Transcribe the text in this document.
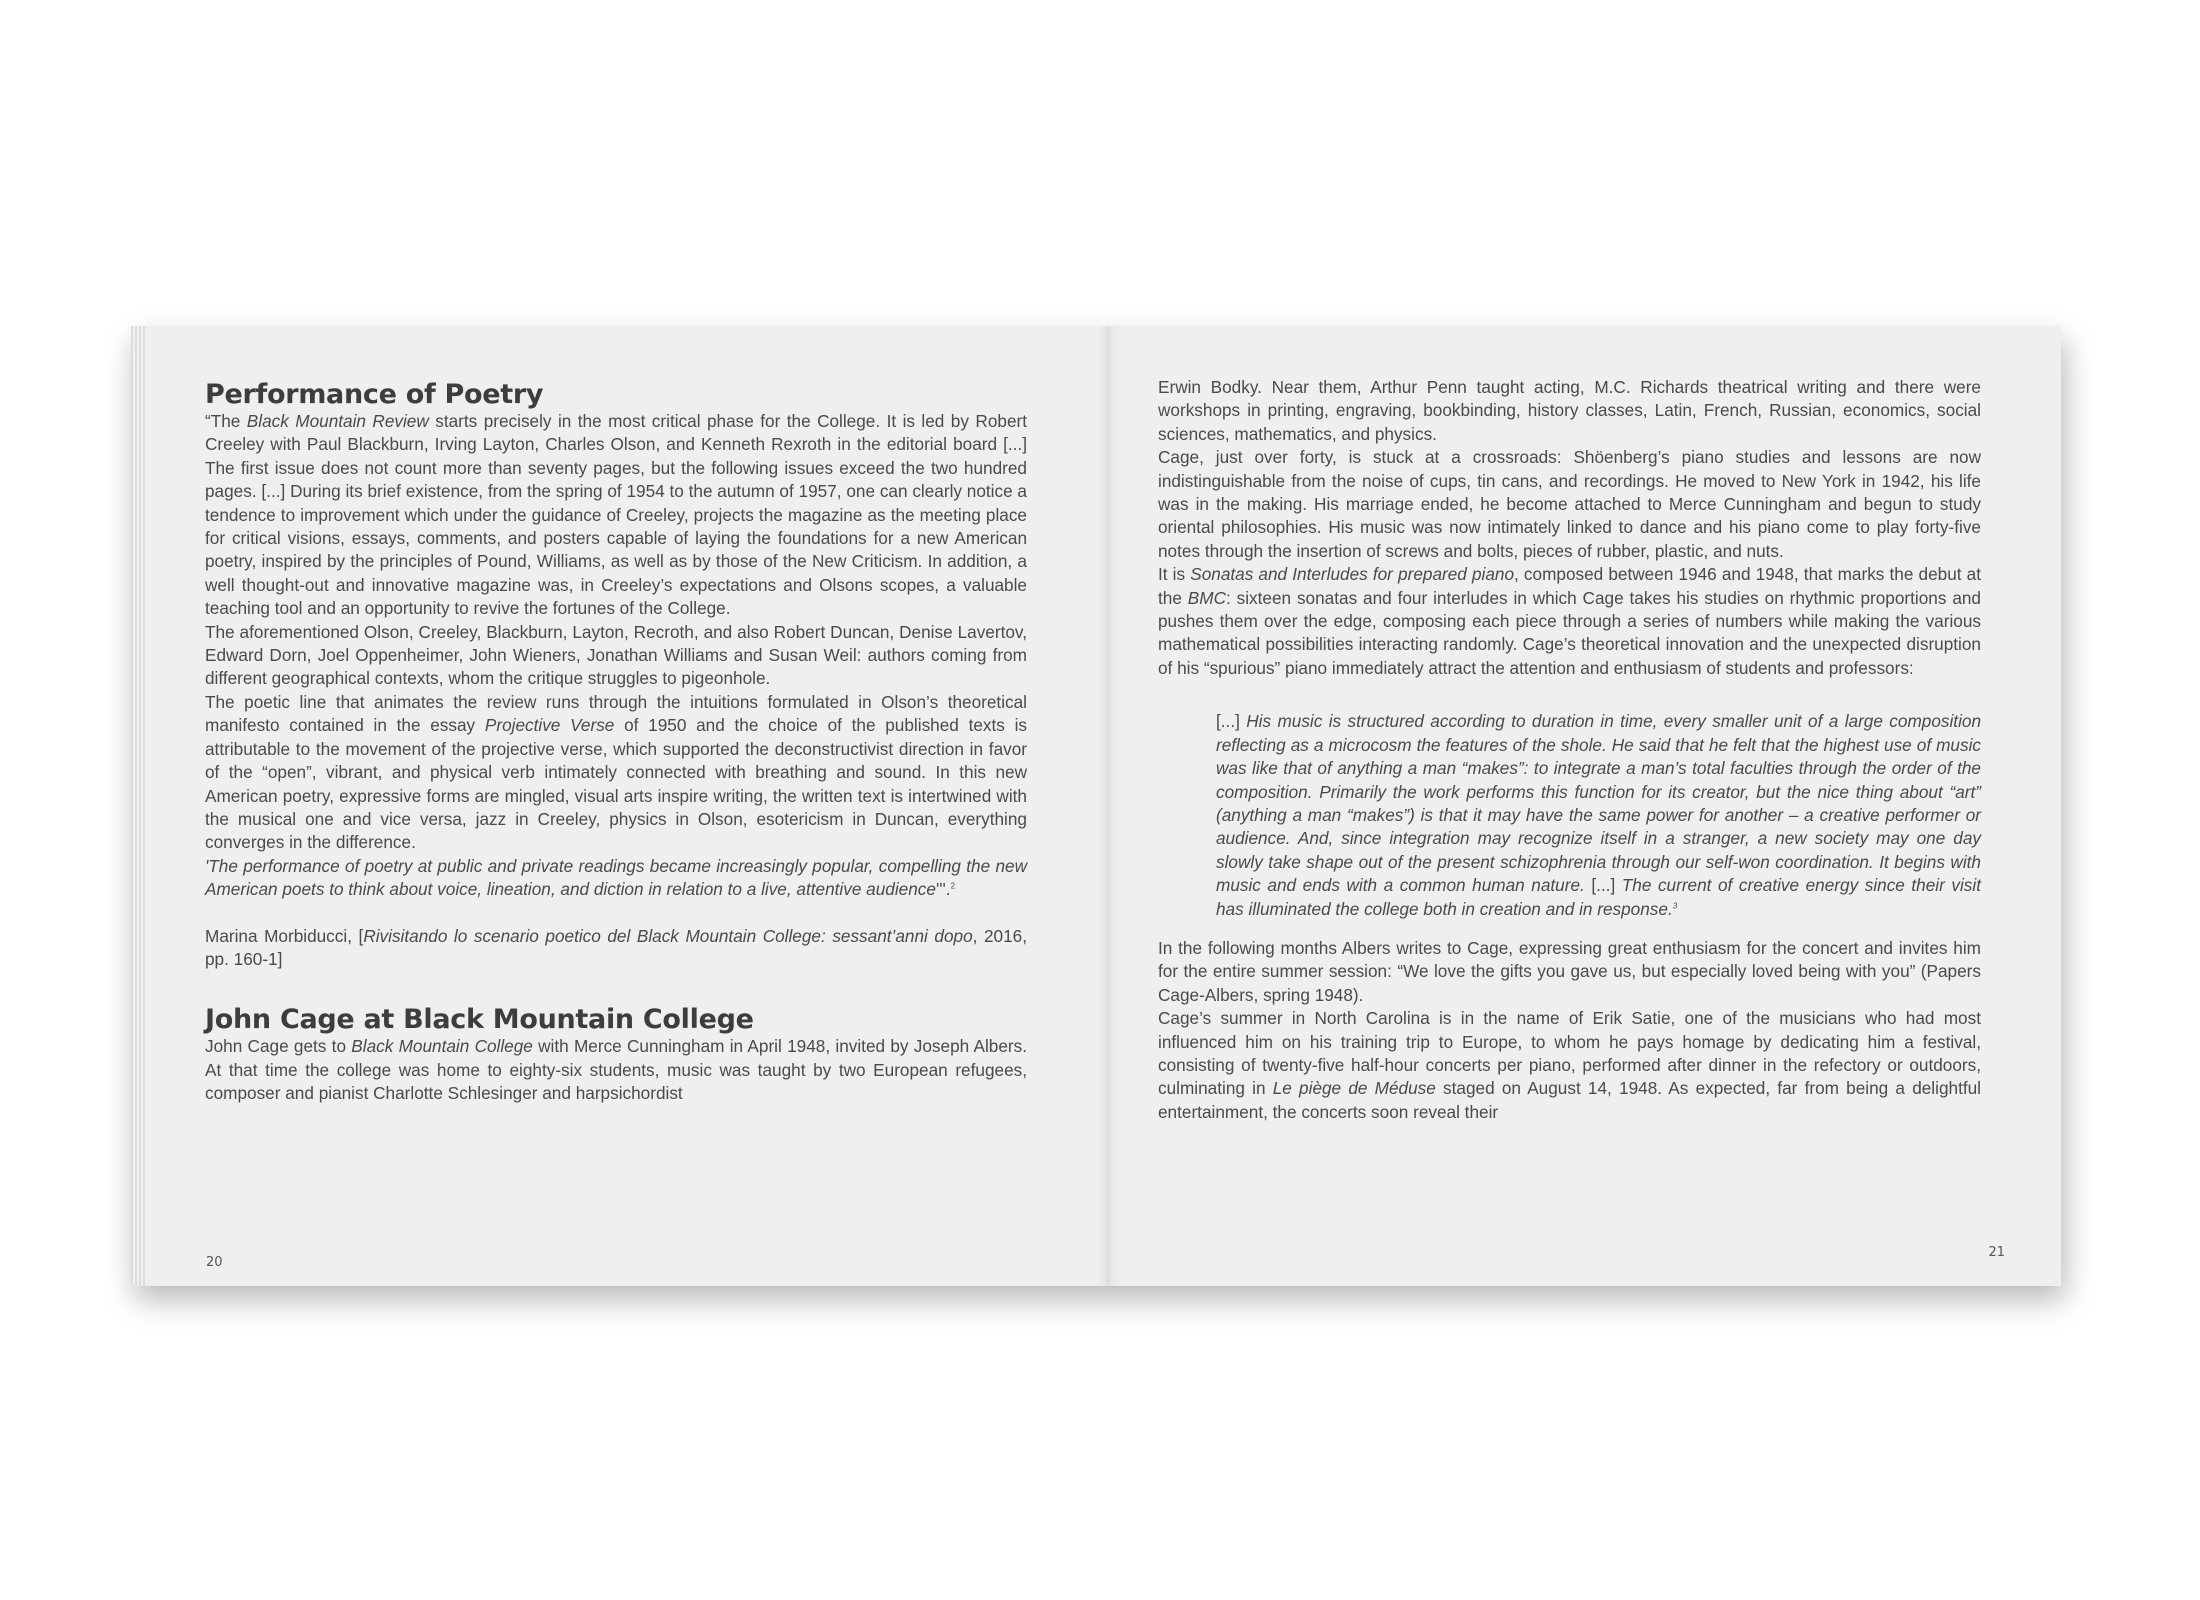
Performance of Poetry

“The Black Mountain Review starts precisely in the most critical phase for the College. It is led by Robert Creeley with Paul Blackburn, Irving Layton, Charles Olson, and Kenneth Rexroth in the editorial board [...] The first issue does not count more than seventy pages, but the following issues exceed the two hundred pages. [...] During its brief existence, from the spring of 1954 to the autumn of 1957, one can clearly notice a tendence to improvement which under the guidance of Creeley, projects the magazine as the meeting place for critical visions, essays, comments, and posters capable of laying the foundations for a new American poetry, inspired by the principles of Pound, Williams, as well as by those of the New Criticism. In addition, a well thought-out and innovative magazine was, in Creeley’s expectations and Olsons scopes, a valuable teaching tool and an opportunity to revive the fortunes of the College.

The aforementioned Olson, Creeley, Blackburn, Layton, Recroth, and also Robert Duncan, Denise Lavertov, Edward Dorn, Joel Oppenheimer, John Wieners, Jonathan Williams and Susan Weil: authors coming from different geographical contexts, whom the critique struggles to pigeonhole.

The poetic line that animates the review runs through the intuitions formulated in Olson’s theoretical manifesto contained in the essay Projective Verse of 1950 and the choice of the published texts is attributable to the movement of the projective verse, which supported the deconstructivist direction in favor of the “open”, vibrant, and physical verb intimately connected with breathing and sound. In this new American poetry, expressive forms are mingled, visual arts inspire writing, the written text is intertwined with the musical one and vice versa, jazz in Creeley, physics in Olson, esotericism in Duncan, everything converges in the difference.

'The performance of poetry at public and private readings became increasingly popular, compelling the new American poets to think about voice, lineation, and diction in relation to a live, attentive audience'''.$^2$

Marina Morbiducci, [Rivisitando lo scenario poetico del Black Mountain College: sessant’anni dopo, 2016, pp. 160-1]

John Cage at Black Mountain College

John Cage gets to Black Mountain College with Merce Cunningham in April 1948, invited by Joseph Albers. At that time the college was home to eighty-six students, music was taught by two European refugees, composer and pianist Charlotte Schlesinger and harpsichordist

20

Erwin Bodky. Near them, Arthur Penn taught acting, M.C. Richards theatrical writing and there were workshops in printing, engraving, bookbinding, history classes, Latin, French, Russian, economics, social sciences, mathematics, and physics.

Cage, just over forty, is stuck at a crossroads: Shöenberg’s piano studies and lessons are now indistinguishable from the noise of cups, tin cans, and recordings. He moved to New York in 1942, his life was in the making. His marriage ended, he become attached to Merce Cunningham and begun to study oriental philosophies. His music was now intimately linked to dance and his piano come to play forty-five notes through the insertion of screws and bolts, pieces of rubber, plastic, and nuts.

It is Sonatas and Interludes for prepared piano, composed between 1946 and 1948, that marks the debut at the BMC: sixteen sonatas and four interludes in which Cage takes his studies on rhythmic proportions and pushes them over the edge, composing each piece through a series of numbers while making the various mathematical possibilities interacting randomly. Cage’s theoretical innovation and the unexpected disruption of his “spurious” piano immediately attract the attention and enthusiasm of students and professors:

[...] His music is structured according to duration in time, every smaller unit of a large composition reflecting as a microcosm the features of the shole. He said that he felt that the highest use of music was like that of anything a man “makes”: to integrate a man’s total faculties through the order of the composition. Primarily the work performs this function for its creator, but the nice thing about “art” (anything a man “makes”) is that it may have the same power for another – a creative performer or audience. And, since integration may recognize itself in a stranger, a new society may one day slowly take shape out of the present schizophrenia through our self-won coordination. It begins with music and ends with a common human nature. [...] The current of creative energy since their visit has illuminated the college both in creation and in response.$^3$

In the following months Albers writes to Cage, expressing great enthusiasm for the concert and invites him for the entire summer session: “We love the gifts you gave us, but especially loved being with you” (Papers Cage-Albers, spring 1948).

Cage’s summer in North Carolina is in the name of Erik Satie, one of the musicians who had most influenced him on his training trip to Europe, to whom he pays homage by dedicating him a festival, consisting of twenty-five half-hour concerts per piano, performed after dinner in the refectory or outdoors, culminating in Le piège de Méduse staged on August 14, 1948. As expected, far from being a delightful entertainment, the concerts soon reveal their

21
